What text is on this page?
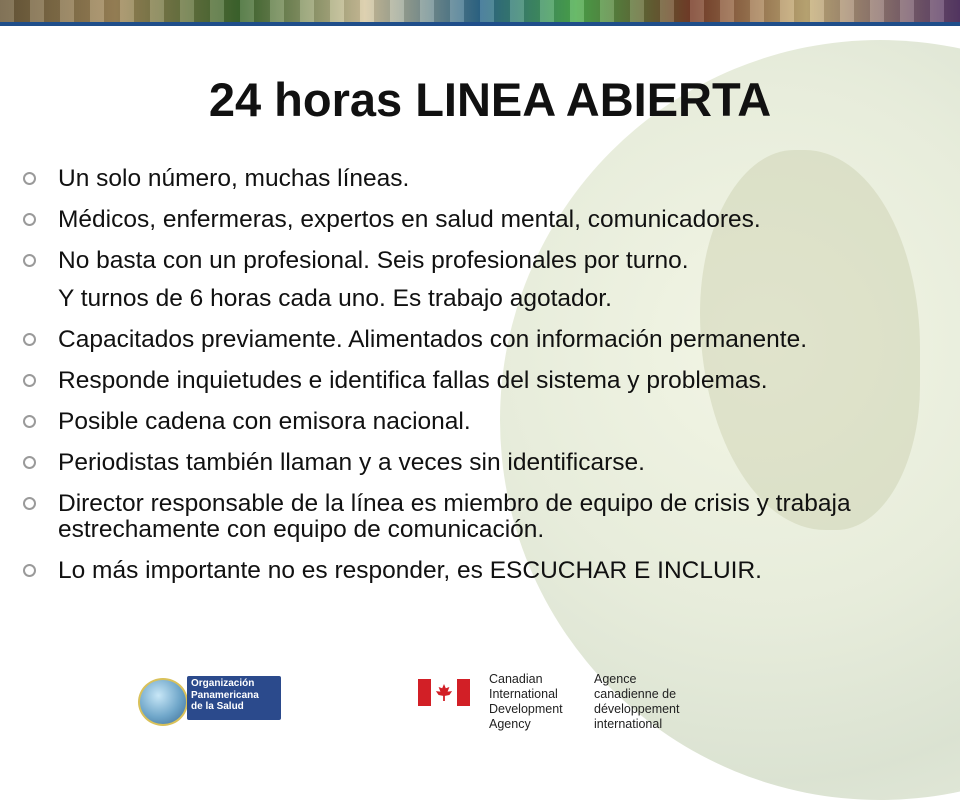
24 horas LINEA ABIERTA
Un solo número, muchas líneas.
Médicos, enfermeras, expertos en salud mental, comunicadores.
No basta con un profesional. Seis profesionales por turno.
Y turnos de 6 horas cada uno. Es trabajo agotador.
Capacitados previamente. Alimentados con información permanente.
Responde inquietudes e identifica fallas del sistema y problemas.
Posible cadena con emisora nacional.
Periodistas también llaman y a veces sin identificarse.
Director responsable de la línea es miembro de equipo de crisis y trabaja estrechamente con equipo de comunicación.
Lo más importante no es responder, es ESCUCHAR E INCLUIR.
Organización
Panamericana
de la Salud
Canadian
International
Development
Agency
Agence
canadienne de
développement
international
